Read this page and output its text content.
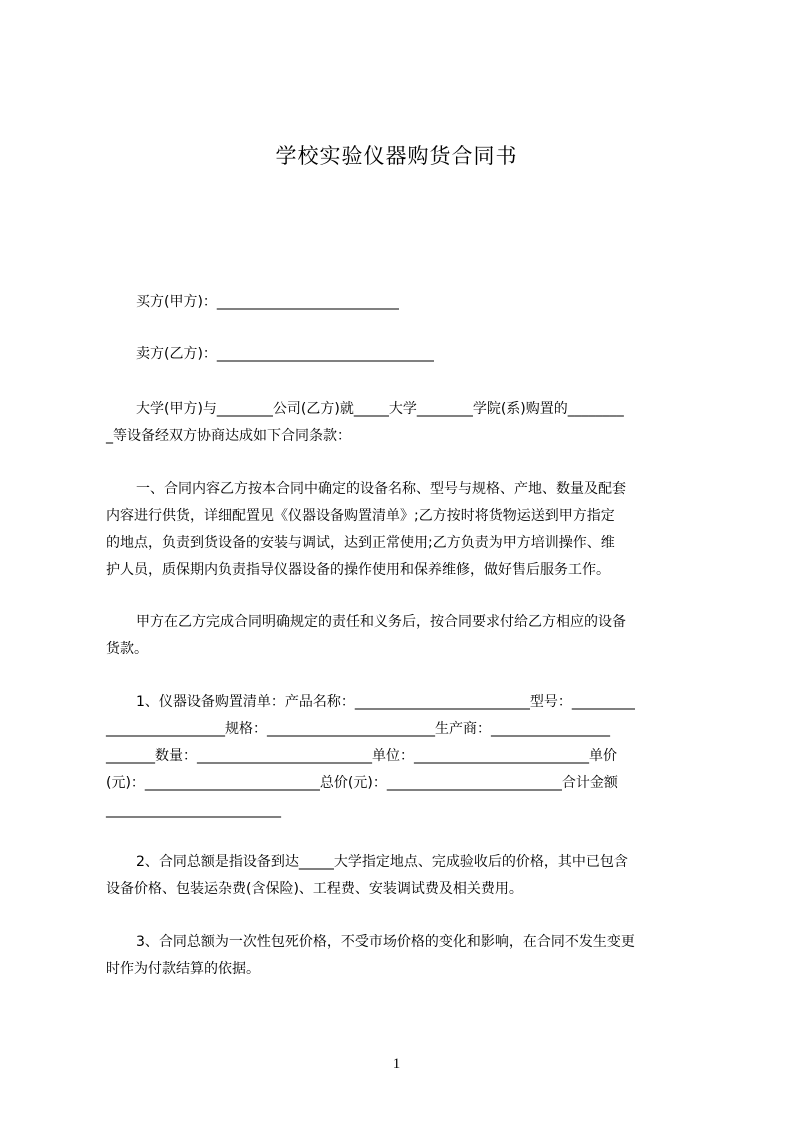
学校实验仪器购货合同书
买方(甲方)：__________________________
卖方(乙方)：_______________________________
大学(甲方)与________公司(乙方)就_____大学________学院(系)购置的________
_等设备经双方协商达成如下合同条款：
一、合同内容乙方按本合同中确定的设备名称、型号与规格、产地、数量及配套
内容进行供货，详细配置见《仪器设备购置清单》;乙方按时将货物运送到甲方指定
的地点，负责到货设备的安装与调试，达到正常使用;乙方负责为甲方培训操作、维
护人员，质保期内负责指导仪器设备的操作使用和保养维修，做好售后服务工作。
甲方在乙方完成合同明确规定的责任和义务后，按合同要求付给乙方相应的设备
货款。
1、仪器设备购置清单：产品名称：_________________________型号：_________
_________________规格：________________________生产商：_________________
_______数量：_________________________单位：_________________________单价
(元)：_________________________总价(元)：_________________________合计金额
_________________________
2、合同总额是指设备到达_____大学指定地点、完成验收后的价格，其中已包含
设备价格、包装运杂费(含保险)、工程费、安装调试费及相关费用。
3、合同总额为一次性包死价格，不受市场价格的变化和影响，在合同不发生变更
时作为付款结算的依据。
1
